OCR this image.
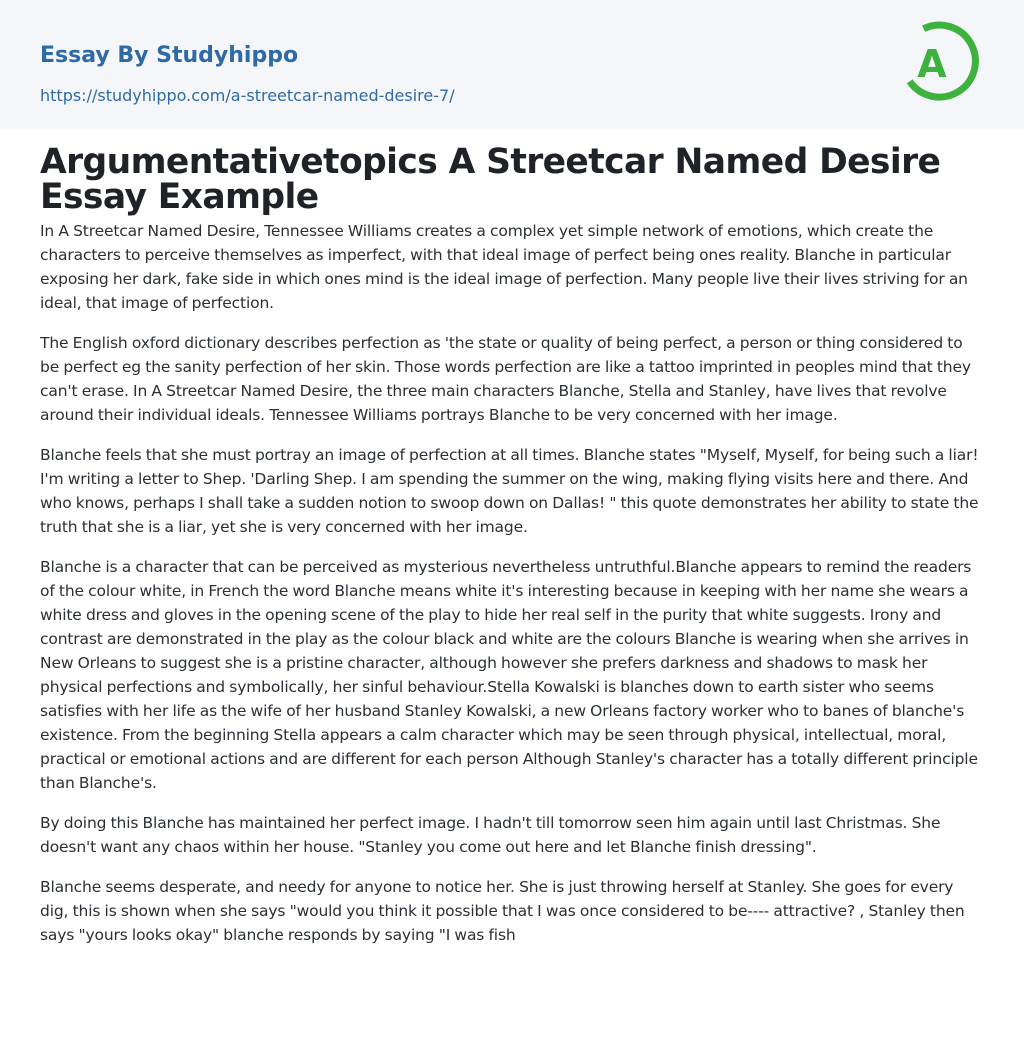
Essay By Studyhippo
https://studyhippo.com/a-streetcar-named-desire-7/
A
Argumentativetopics A Streetcar Named Desire Essay Example

In A Streetcar Named Desire, Tennessee Williams creates a complex yet simple network of emotions, which create the characters to perceive themselves as imperfect, with that ideal image of perfect being ones reality. Blanche in particular exposing her dark, fake side in which ones mind is the ideal image of perfection. Many people live their lives striving for an ideal, that image of perfection.

The English oxford dictionary describes perfection as 'the state or quality of being perfect, a person or thing considered to be perfect eg the sanity perfection of her skin. Those words perfection are like a tattoo imprinted in peoples mind that they can't erase. In A Streetcar Named Desire, the three main characters Blanche, Stella and Stanley, have lives that revolve around their individual ideals. Tennessee Williams portrays Blanche to be very concerned with her image.

Blanche feels that she must portray an image of perfection at all times. Blanche states "Myself, Myself, for being such a liar! I'm writing a letter to Shep. 'Darling Shep. I am spending the summer on the wing, making flying visits here and there. And who knows, perhaps I shall take a sudden notion to swoop down on Dallas! " this quote demonstrates her ability to state the truth that she is a liar, yet she is very concerned with her image.

Blanche is a character that can be perceived as mysterious nevertheless untruthful.Blanche appears to remind the readers of the colour white, in French the word Blanche means white it's interesting because in keeping with her name she wears a white dress and gloves in the opening scene of the play to hide her real self in the purity that white suggests. Irony and contrast are demonstrated in the play as the colour black and white are the colours Blanche is wearing when she arrives in New Orleans to suggest she is a pristine character, although however she prefers darkness and shadows to mask her physical perfections and symbolically, her sinful behaviour.Stella Kowalski is blanches down to earth sister who seems satisfies with her life as the wife of her husband Stanley Kowalski, a new Orleans factory worker who to banes of blanche's existence. From the beginning Stella appears a calm character which may be seen through physical, intellectual, moral, practical or emotional actions and are different for each person Although Stanley's character has a totally different principle than Blanche's.

By doing this Blanche has maintained her perfect image. I hadn't till tomorrow seen him again until last Christmas. She doesn't want any chaos within her house. "Stanley you come out here and let Blanche finish dressing".

Blanche seems desperate, and needy for anyone to notice her. She is just throwing herself at Stanley. She goes for every dig, this is shown when she says "would you think it possible that I was once considered to be---- attractive? , Stanley then says "yours looks okay" blanche responds by saying "I was fish
